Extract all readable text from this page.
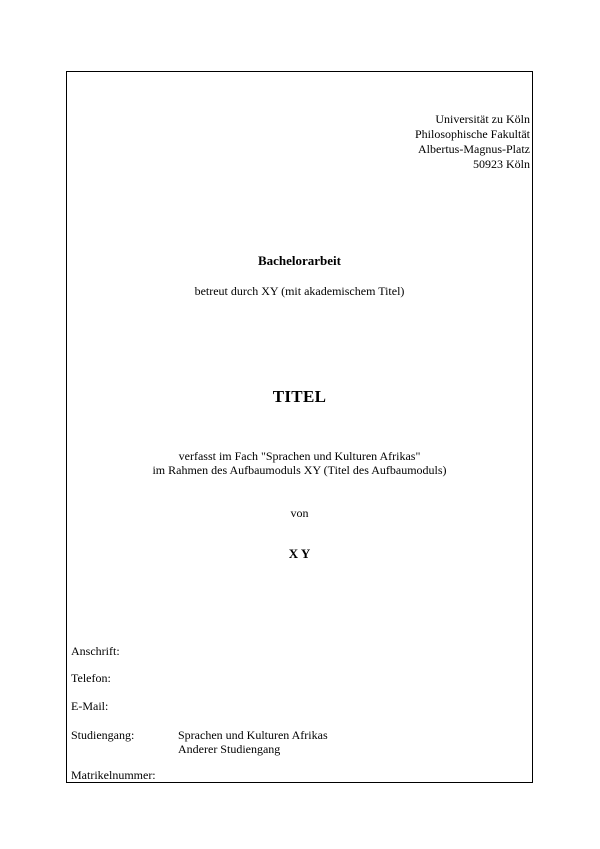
Universität zu Köln
Philosophische Fakultät
Albertus-Magnus-Platz
50923 Köln
Bachelorarbeit
betreut durch XY (mit akademischem Titel)
TITEL
verfasst im Fach "Sprachen und Kulturen Afrikas"
im Rahmen des Aufbaumoduls XY (Titel des Aufbaumoduls)
von
X Y
Anschrift:
Telefon:
E-Mail:
Studiengang:	Sprachen und Kulturen Afrikas
Anderer Studiengang
Matrikelnummer:
